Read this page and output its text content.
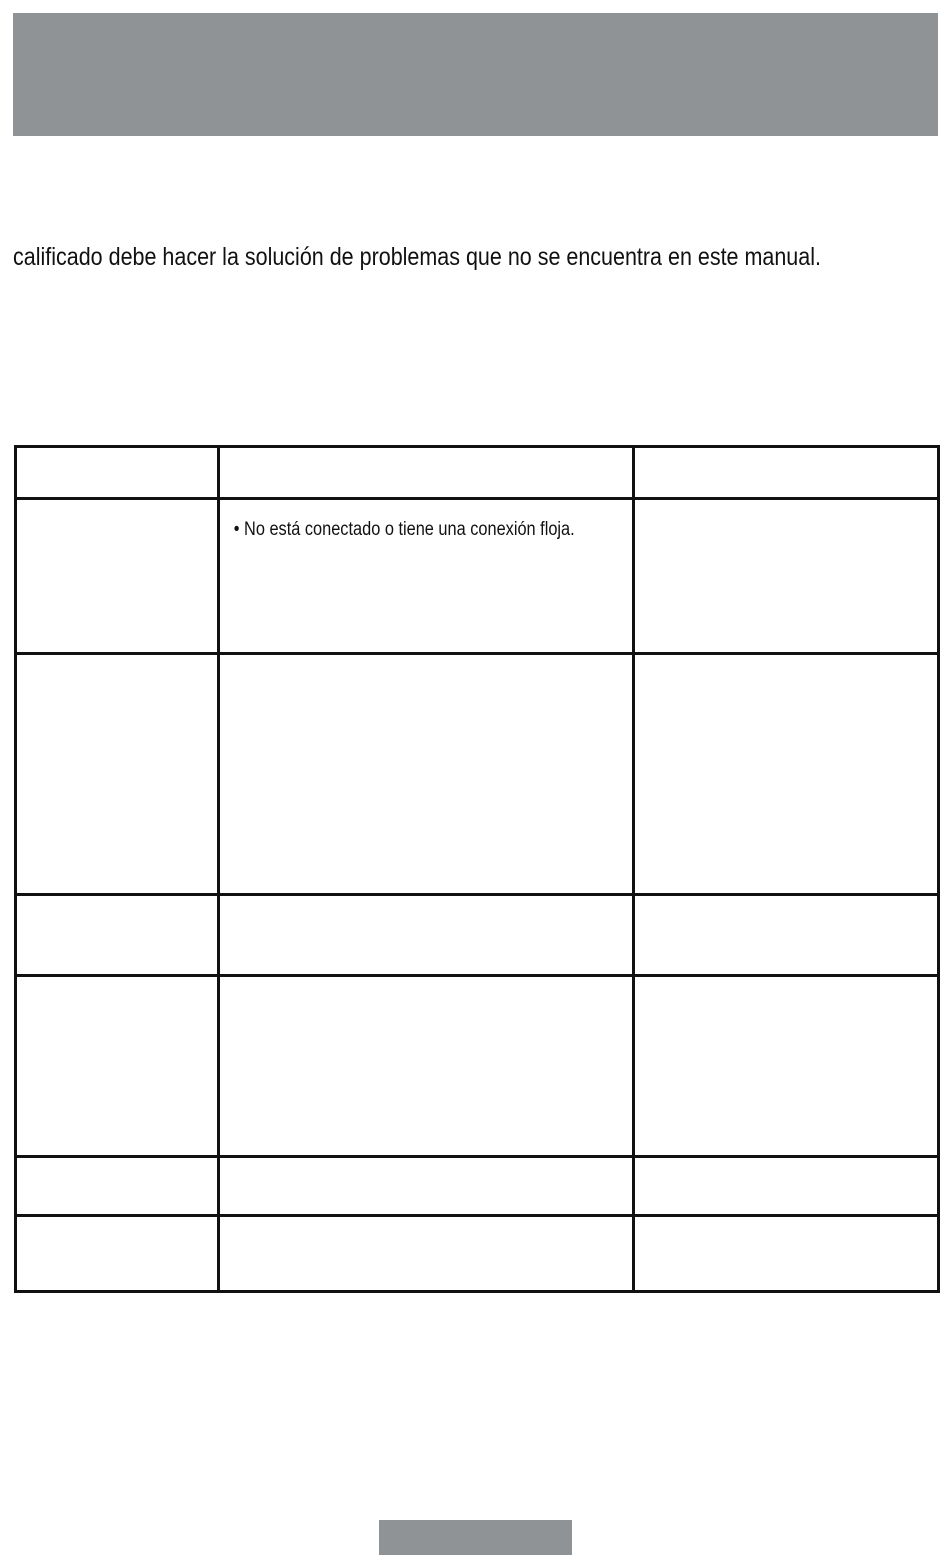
calificado debe hacer la solución de problemas que no se encuentra en este manual.

	• No está conectado o tiene una conexión floja.	
